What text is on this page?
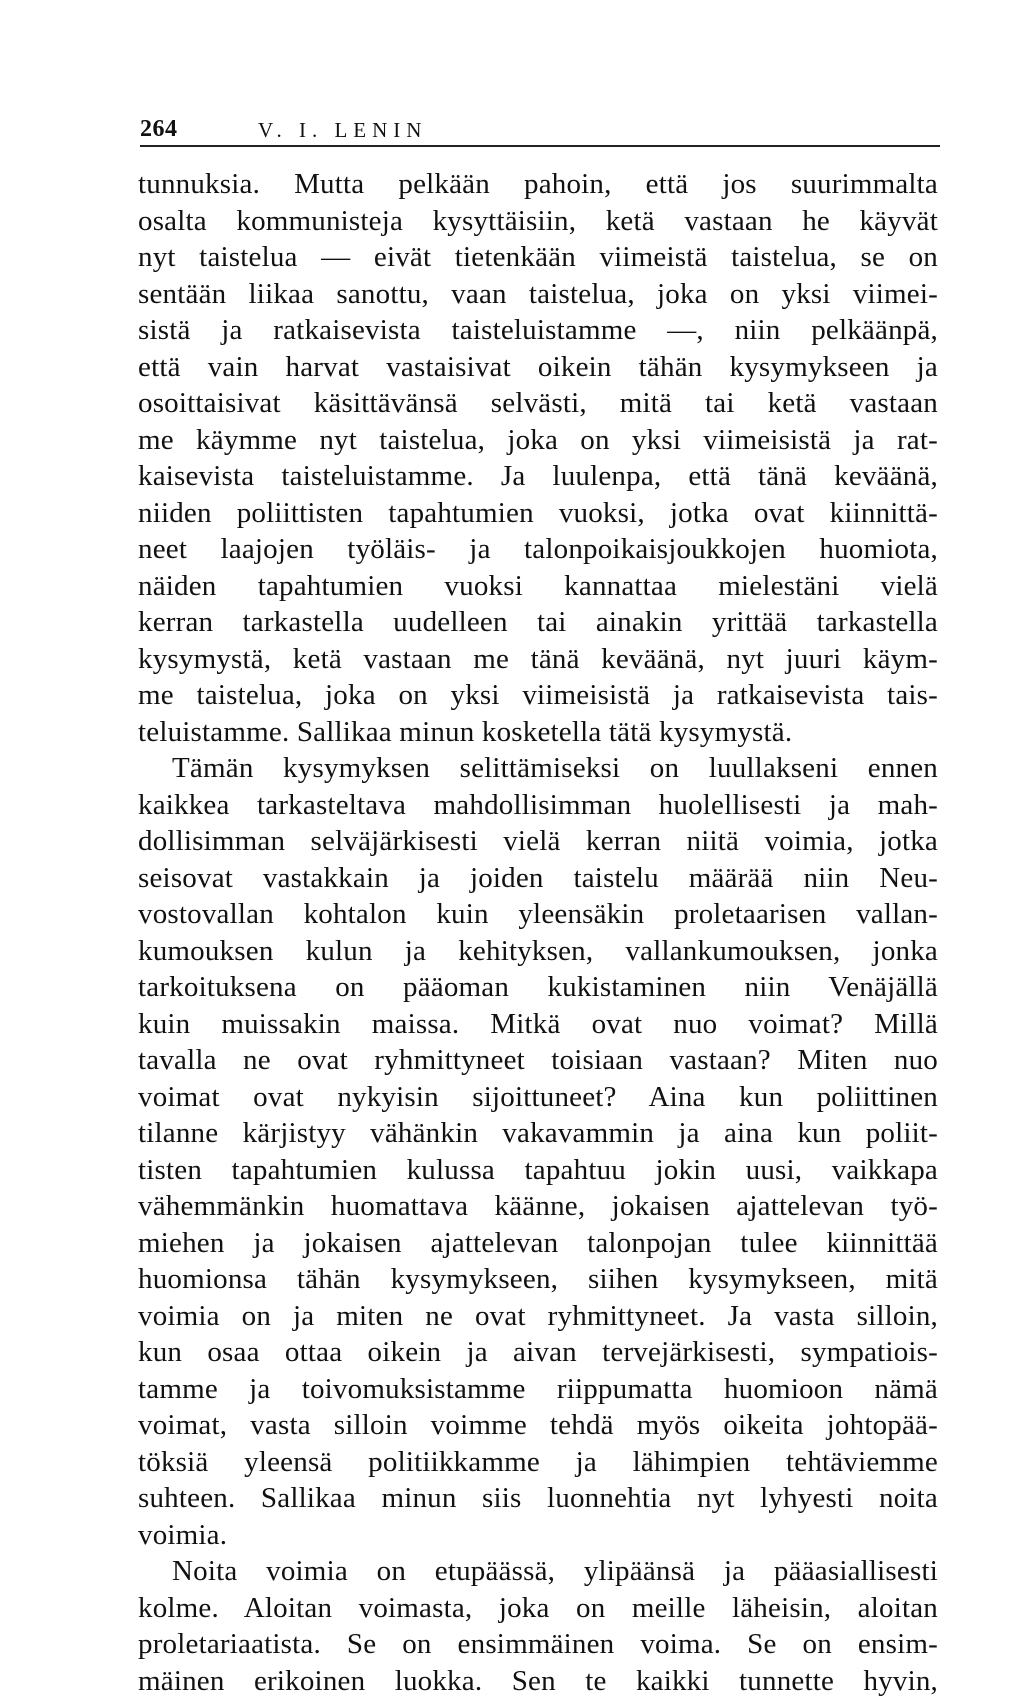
264	V. I. LENIN
tunnuksia. Mutta pelkään pahoin, että jos suurimmalta
osalta kommunisteja kysyttäisiin, ketä vastaan he käyvät
nyt taistelua — eivät tietenkään viimeistä taistelua, se on
sentään liikaa sanottu, vaan taistelua, joka on yksi viimei-
sistä ja ratkaisevista taisteluistamme —, niin pelkäänpä,
että vain harvat vastaisivat oikein tähän kysymykseen ja
osoittaisivat käsittävänsä selvästi, mitä tai ketä vastaan
me käymme nyt taistelua, joka on yksi viimeisistä ja rat-
kaisevista taisteluistamme. Ja luulenpa, että tänä keväänä,
niiden poliittisten tapahtumien vuoksi, jotka ovat kiinnittä-
neet laajojen työläis- ja talonpoikaisjoukkojen huomiota,
näiden tapahtumien vuoksi kannattaa mielestäni vielä
kerran tarkastella uudelleen tai ainakin yrittää tarkastella
kysymystä, ketä vastaan me tänä keväänä, nyt juuri käym-
me taistelua, joka on yksi viimeisistä ja ratkaisevista tais-
teluistamme. Sallikaa minun kosketella tätä kysymystä.
Tämän kysymyksen selittämiseksi on luullakseni ennen
kaikkea tarkasteltava mahdollisimman huolellisesti ja mah-
dollisimman selväjärkisesti vielä kerran niitä voimia, jotka
seisovat vastakkain ja joiden taistelu määrää niin Neu-
vostovallan kohtalon kuin yleensäkin proletaarisen vallan-
kumouksen kulun ja kehityksen, vallankumouksen, jonka
tarkoituksena on pääoman kukistaminen niin Venäjällä
kuin muissakin maissa. Mitkä ovat nuo voimat? Millä
tavalla ne ovat ryhmittyneet toisiaan vastaan? Miten nuo
voimat ovat nykyisin sijoittuneet? Aina kun poliittinen
tilanne kärjistyy vähänkin vakavammin ja aina kun poliit-
tisten tapahtumien kulussa tapahtuu jokin uusi, vaikkapa
vähemmänkin huomattava käänne, jokaisen ajattelevan työ-
miehen ja jokaisen ajattelevan talonpojan tulee kiinnittää
huomionsa tähän kysymykseen, siihen kysymykseen, mitä
voimia on ja miten ne ovat ryhmittyneet. Ja vasta silloin,
kun osaa ottaa oikein ja aivan tervejärkisesti, sympatiois-
tamme ja toivomuksistamme riippumatta huomioon nämä
voimat, vasta silloin voimme tehdä myös oikeita johtopää-
töksiä yleensä politiikkamme ja lähimpien tehtäviemme
suhteen. Sallikaa minun siis luonnehtia nyt lyhyesti noita
voimia.
Noita voimia on etupäässä, ylipäänsä ja pääasiallisesti
kolme. Aloitan voimasta, joka on meille läheisin, aloitan
proletariaatista. Se on ensimmäinen voima. Se on ensim-
mäinen erikoinen luokka. Sen te kaikki tunnette hyvin,
